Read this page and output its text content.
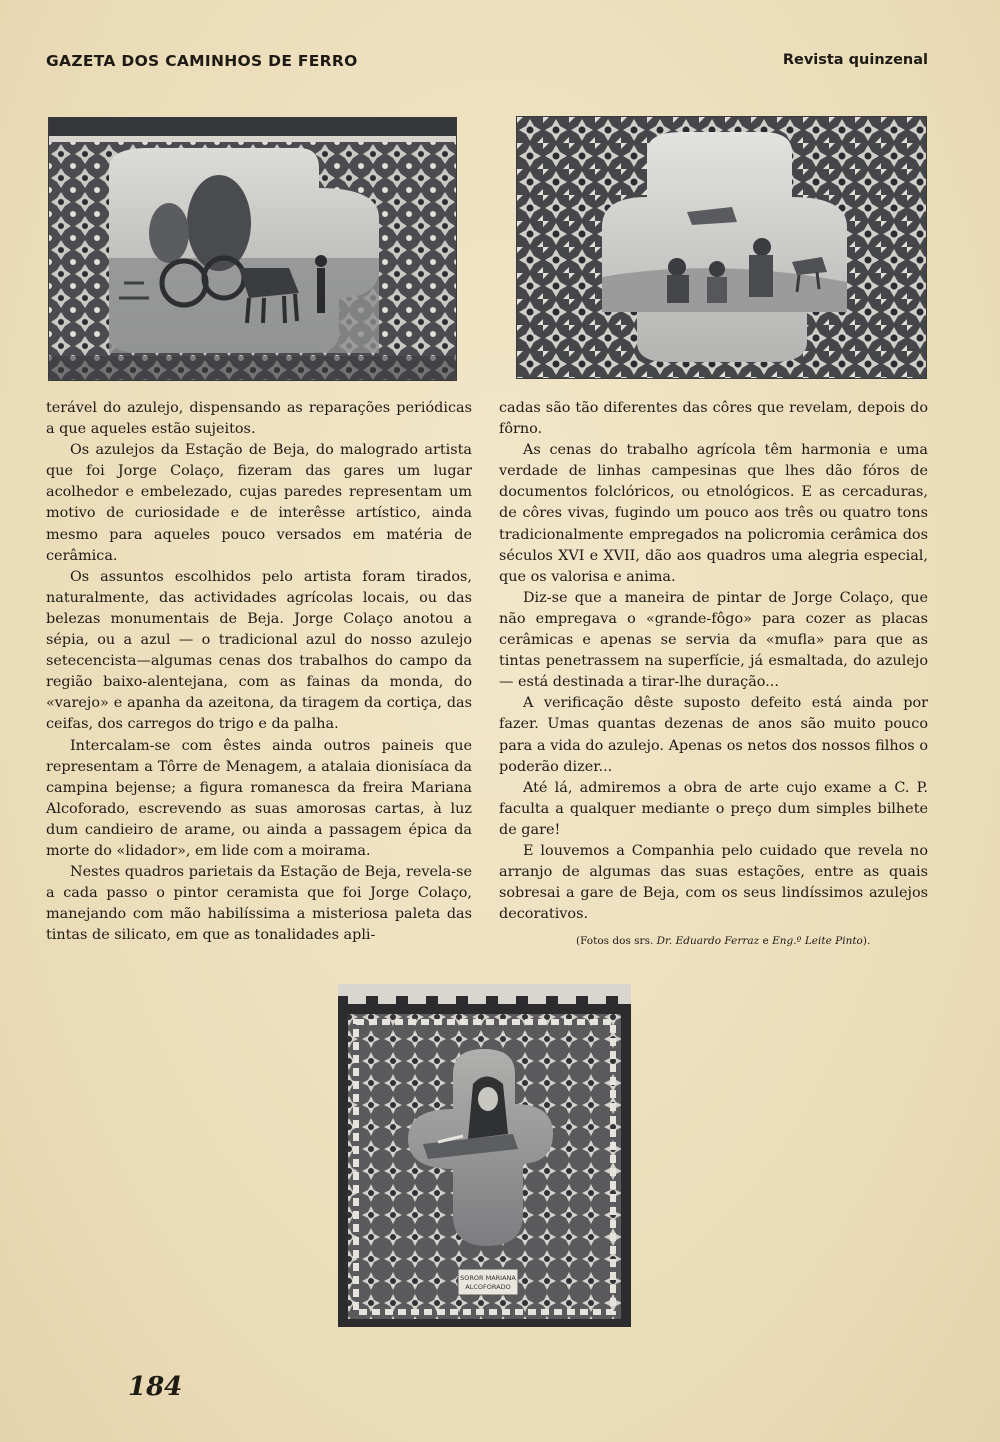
GAZETA DOS CAMINHOS DE FERRO	Revista quinzenal

terável do azulejo, dispensando as reparações periódicas a que aqueles estão sujeitos.

Os azulejos da Estação de Beja, do malogrado artista que foi Jorge Colaço, fizeram das gares um lugar acolhedor e embelezado, cujas paredes representam um motivo de curiosidade e de interêsse artístico, ainda mesmo para aqueles pouco versados em matéria de cerâmica.

Os assuntos escolhidos pelo artista foram tirados, naturalmente, das actividades agrícolas locais, ou das belezas monumentais de Beja. Jorge Colaço anotou a sépia, ou a azul — o tradicional azul do nosso azulejo setecencista—algumas cenas dos trabalhos do campo da região baixo-alentejana, com as fainas da monda, do «varejo» e apanha da azeitona, da tiragem da cortiça, das ceifas, dos carregos do trigo e da palha.

Intercalam-se com êstes ainda outros paineis que representam a Tôrre de Menagem, a atalaia dionisíaca da campina bejense; a figura romanesca da freira Mariana Alcoforado, escrevendo as suas amorosas cartas, à luz dum candieiro de arame, ou ainda a passagem épica da morte do «lidador», em lide com a moirama.

Nestes quadros parietais da Estação de Beja, revela-se a cada passo o pintor ceramista que foi Jorge Colaço, manejando com mão habilíssima a misteriosa paleta das tintas de silicato, em que as tonalidades apli-

cadas são tão diferentes das côres que revelam, depois do fôrno.

As cenas do trabalho agrícola têm harmonia e uma verdade de linhas campesinas que lhes dão fóros de documentos folclóricos, ou etnológicos. E as cercaduras, de côres vivas, fugindo um pouco aos três ou quatro tons tradicionalmente empregados na policromia cerâmica dos séculos XVI e XVII, dão aos quadros uma alegria especial, que os valorisa e anima.

Diz-se que a maneira de pintar de Jorge Colaço, que não empregava o «grande-fôgo» para cozer as placas cerâmicas e apenas se servia da «mufla» para que as tintas penetrassem na superfície, já esmaltada, do azulejo — está destinada a tirar-lhe duração...

A verificação dêste suposto defeito está ainda por fazer. Umas quantas dezenas de anos são muito pouco para a vida do azulejo. Apenas os netos dos nossos filhos o poderão dizer...

Até lá, admiremos a obra de arte cujo exame a C. P. faculta a qualquer mediante o preço dum simples bilhete de gare!

E louvemos a Companhia pelo cuidado que revela no arranjo de algumas das suas estações, entre as quais sobresai a gare de Beja, com os seus lindíssimos azulejos decorativos.

(Fotos dos srs. Dr. Eduardo Ferraz e Eng.º Leite Pinto).
SOROR MARIANA
ALCOFORADO
184
